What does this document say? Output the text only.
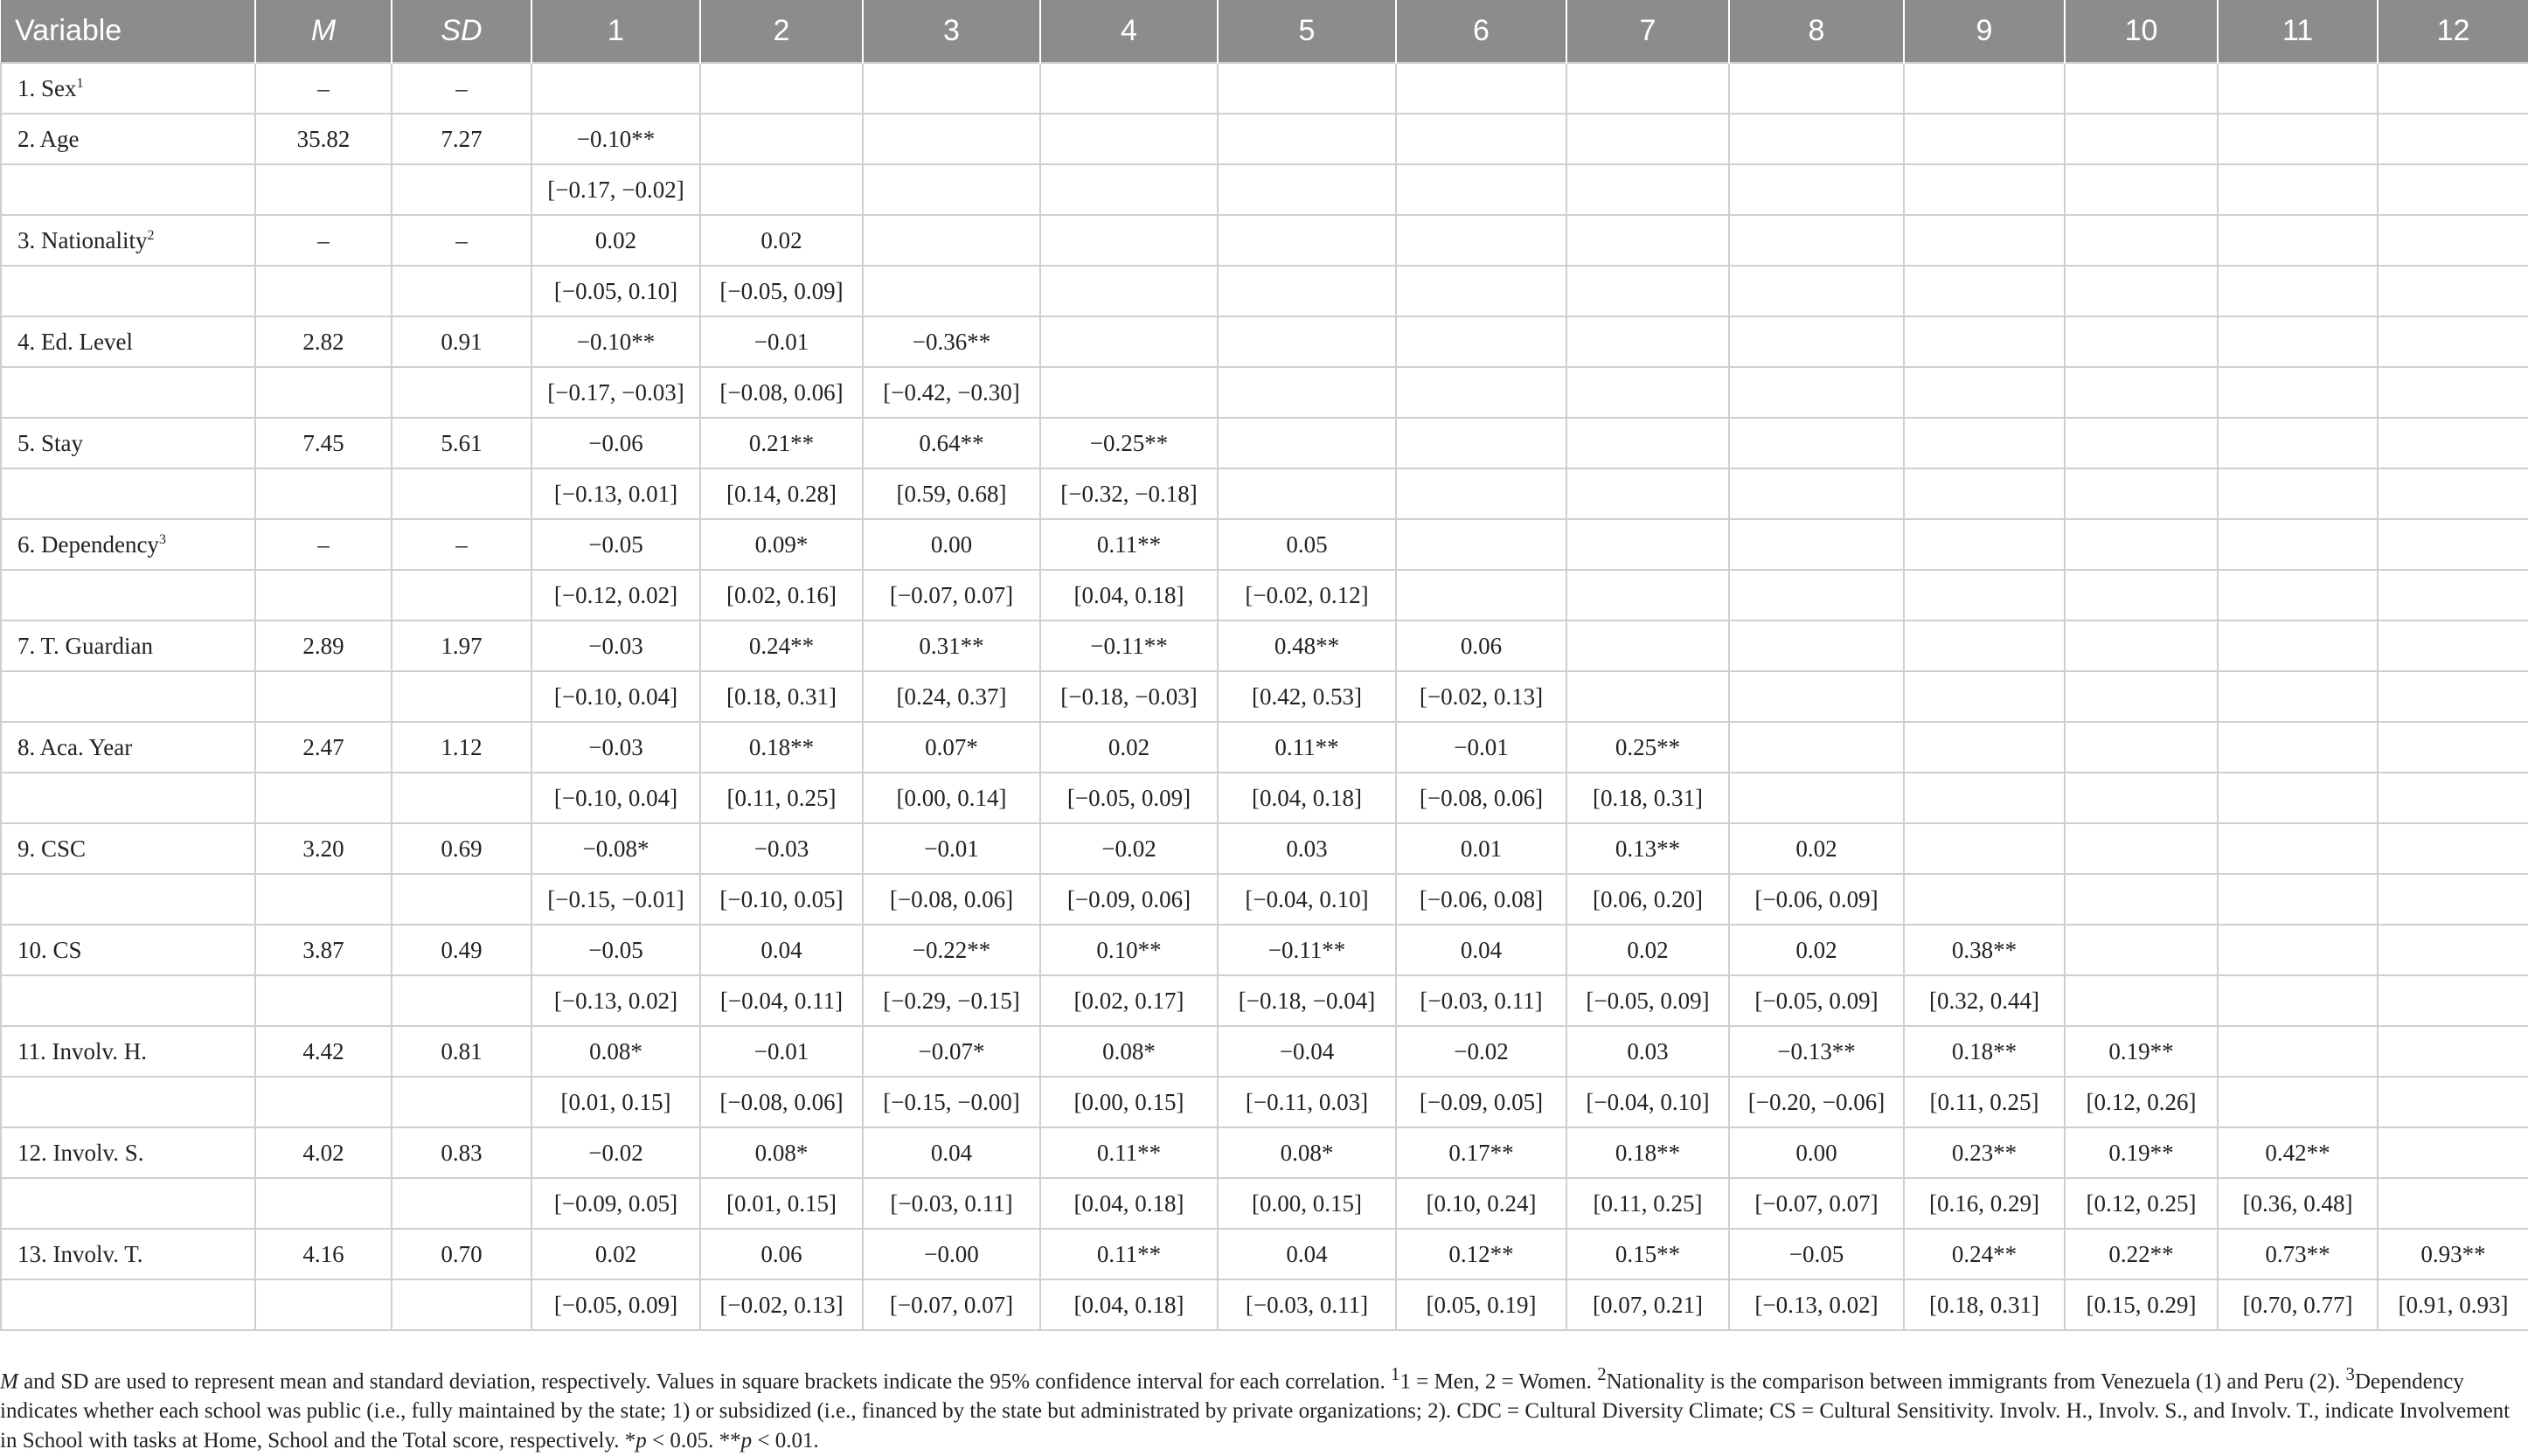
Variable	M	SD	1	2	3	4	5	6	7	8	9	10	11	12
1. Sex$^1$	–	–												
2. Age	35.82	7.27	−0.10**											
			[−0.17, −0.02]											
3. Nationality$^2$	–	–	0.02	0.02										
			[−0.05, 0.10]	[−0.05, 0.09]										
4. Ed. Level	2.82	0.91	−0.10**	−0.01	−0.36**									
			[−0.17, −0.03]	[−0.08, 0.06]	[−0.42, −0.30]									
5. Stay	7.45	5.61	−0.06	0.21**	0.64**	−0.25**								
			[−0.13, 0.01]	[0.14, 0.28]	[0.59, 0.68]	[−0.32, −0.18]								
6. Dependency$^3$	–	–	−0.05	0.09*	0.00	0.11**	0.05							
			[−0.12, 0.02]	[0.02, 0.16]	[−0.07, 0.07]	[0.04, 0.18]	[−0.02, 0.12]							
7. T. Guardian	2.89	1.97	−0.03	0.24**	0.31**	−0.11**	0.48**	0.06						
			[−0.10, 0.04]	[0.18, 0.31]	[0.24, 0.37]	[−0.18, −0.03]	[0.42, 0.53]	[−0.02, 0.13]						
8. Aca. Year	2.47	1.12	−0.03	0.18**	0.07*	0.02	0.11**	−0.01	0.25**					
			[−0.10, 0.04]	[0.11, 0.25]	[0.00, 0.14]	[−0.05, 0.09]	[0.04, 0.18]	[−0.08, 0.06]	[0.18, 0.31]					
9. CSC	3.20	0.69	−0.08*	−0.03	−0.01	−0.02	0.03	0.01	0.13**	0.02				
			[−0.15, −0.01]	[−0.10, 0.05]	[−0.08, 0.06]	[−0.09, 0.06]	[−0.04, 0.10]	[−0.06, 0.08]	[0.06, 0.20]	[−0.06, 0.09]				
10. CS	3.87	0.49	−0.05	0.04	−0.22**	0.10**	−0.11**	0.04	0.02	0.02	0.38**			
			[−0.13, 0.02]	[−0.04, 0.11]	[−0.29, −0.15]	[0.02, 0.17]	[−0.18, −0.04]	[−0.03, 0.11]	[−0.05, 0.09]	[−0.05, 0.09]	[0.32, 0.44]			
11. Involv. H.	4.42	0.81	0.08*	−0.01	−0.07*	0.08*	−0.04	−0.02	0.03	−0.13**	0.18**	0.19**		
			[0.01, 0.15]	[−0.08, 0.06]	[−0.15, −0.00]	[0.00, 0.15]	[−0.11, 0.03]	[−0.09, 0.05]	[−0.04, 0.10]	[−0.20, −0.06]	[0.11, 0.25]	[0.12, 0.26]		
12. Involv. S.	4.02	0.83	−0.02	0.08*	0.04	0.11**	0.08*	0.17**	0.18**	0.00	0.23**	0.19**	0.42**	
			[−0.09, 0.05]	[0.01, 0.15]	[−0.03, 0.11]	[0.04, 0.18]	[0.00, 0.15]	[0.10, 0.24]	[0.11, 0.25]	[−0.07, 0.07]	[0.16, 0.29]	[0.12, 0.25]	[0.36, 0.48]	
13. Involv. T.	4.16	0.70	0.02	0.06	−0.00	0.11**	0.04	0.12**	0.15**	−0.05	0.24**	0.22**	0.73**	0.93**
			[−0.05, 0.09]	[−0.02, 0.13]	[−0.07, 0.07]	[0.04, 0.18]	[−0.03, 0.11]	[0.05, 0.19]	[0.07, 0.21]	[−0.13, 0.02]	[0.18, 0.31]	[0.15, 0.29]	[0.70, 0.77]	[0.91, 0.93]
M and SD are used to represent mean and standard deviation, respectively. Values in square brackets indicate the 95% confidence interval for each correlation. $^1$1 = Men, 2 = Women. $^2$Nationality is the comparison between immigrants from Venezuela (1) and Peru (2). $^3$Dependency indicates whether each school was public (i.e., fully maintained by the state; 1) or subsidized (i.e., financed by the state but administrated by private organizations; 2). CDC = Cultural Diversity Climate; CS = Cultural Sensitivity. Involv. H., Involv. S., and Involv. T., indicate Involvement in School with tasks at Home, School and the Total score, respectively. *p < 0.05. **p < 0.01.
